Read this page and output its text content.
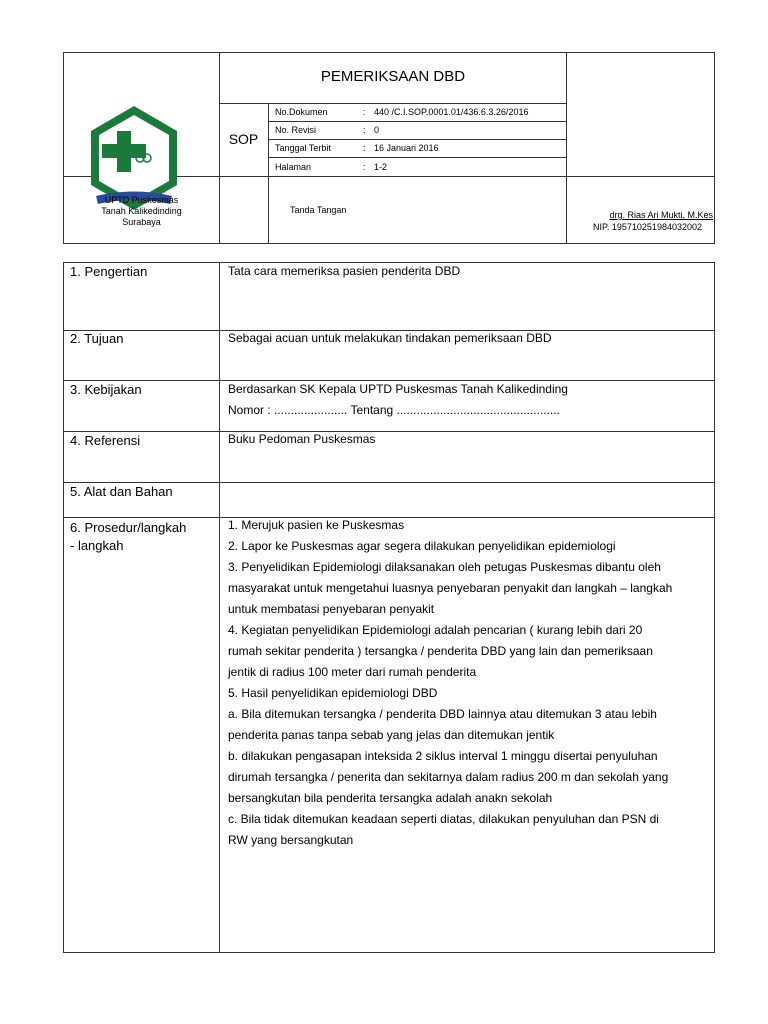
PEMERIKSAAN DBD
SOP
No.Dokumen	: 440 /C.I.SOP.0001.01/436.6.3.26/2016
No. Revisi	: 0
Tanggal Terbit	: 16 Januari 2016
Halaman	: 1-2
Tanda Tangan	drg. Rias Ari Mukti, M.Kes
NIP. 195710251984032002
UPTD Puskesmas
Tanah Kalikedinding
Surabaya
1. Pengertian	Tata cara memeriksa pasien penderita DBD
2. Tujuan	Sebagai acuan untuk melakukan tindakan pemeriksaan DBD
3. Kebijakan	Berdasarkan SK Kepala UPTD Puskesmas Tanah Kalikedinding
Nomor : ...................... Tentang .................................................
4. Referensi	Buku Pedoman Puskesmas
5. Alat dan Bahan
6. Prosedur/langkah
- langkah

1. Merujuk pasien ke Puskesmas

2. Lapor ke Puskesmas agar segera dilakukan penyelidikan epidemiologi

3. Penyelidikan Epidemiologi dilaksanakan oleh petugas Puskesmas dibantu oleh

masyarakat untuk mengetahui luasnya penyebaran penyakit dan langkah – langkah

untuk membatasi penyebaran penyakit

4. Kegiatan penyelidikan Epidemiologi adalah pencarian ( kurang lebih dari 20

rumah sekitar penderita ) tersangka / penderita DBD yang lain dan pemeriksaan

jentik di radius 100 meter dari rumah penderita

5. Hasil penyelidikan epidemiologi DBD

a. Bila ditemukan tersangka / penderita DBD lainnya atau ditemukan 3 atau lebih

penderita panas tanpa sebab yang jelas dan ditemukan jentik

b. dilakukan pengasapan inteksida 2 siklus interval 1 minggu disertai penyuluhan

dirumah tersangka / penerita dan sekitarnya dalam radius 200 m dan sekolah yang

bersangkutan bila penderita tersangka adalah anakn sekolah

c. Bila tidak ditemukan keadaan seperti diatas, dilakukan penyuluhan dan PSN di

RW yang bersangkutan
